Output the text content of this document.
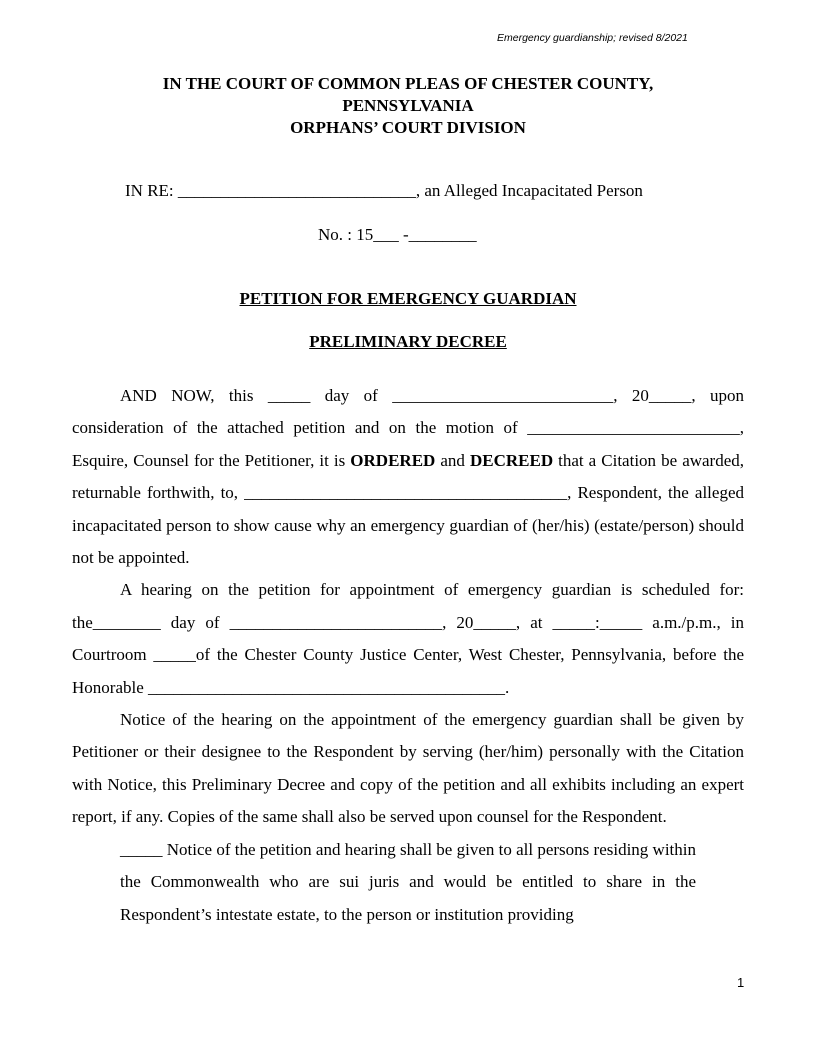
Emergency guardianship; revised 8/2021
IN THE COURT OF COMMON PLEAS OF CHESTER COUNTY,
PENNSYLVANIA
ORPHANS’ COURT DIVISION
IN RE: ____________________________, an Alleged Incapacitated Person
No. : 15___ -________
PETITION FOR EMERGENCY GUARDIAN
PRELIMINARY DECREE

AND NOW, this _____ day of __________________________, 20_____, upon consideration of the attached petition and on the motion of _________________________, Esquire, Counsel for the Petitioner, it is ORDERED and DECREED that a Citation be awarded, returnable forthwith, to, ______________________________________, Respondent, the alleged incapacitated person to show cause why an emergency guardian of (her/his) (estate/person) should not be appointed.

A hearing on the petition for appointment of emergency guardian is scheduled for: the________ day of _________________________, 20_____, at _____:_____ a.m./p.m., in Courtroom _____of the Chester County Justice Center, West Chester, Pennsylvania, before the Honorable __________________________________________.

Notice of the hearing on the appointment of the emergency guardian shall be given by Petitioner or their designee to the Respondent by serving (her/him) personally with the Citation with Notice, this Preliminary Decree and copy of the petition and all exhibits including an expert report, if any. Copies of the same shall also be served upon counsel for the Respondent.

_____ Notice of the petition and hearing shall be given to all persons residing within the Commonwealth who are sui juris and would be entitled to share in the Respondent’s intestate estate, to the person or institution providing

1
